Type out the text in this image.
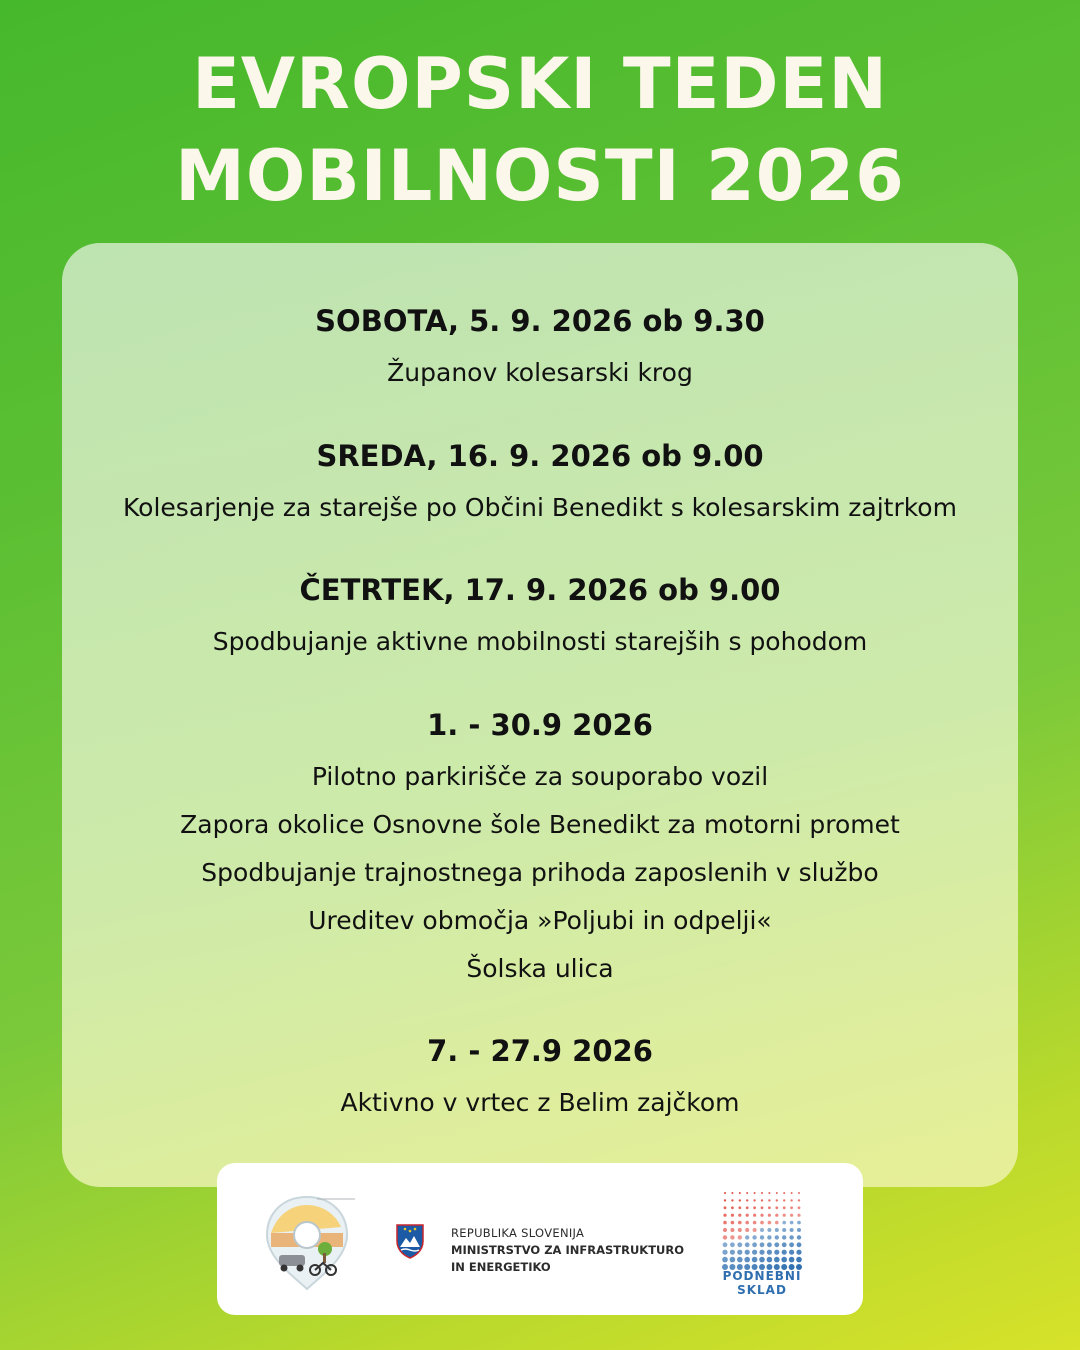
EVROPSKI TEDEN
MOBILNOSTI 2026
SOBOTA, 5. 9. 2026 ob 9.30
Županov kolesarski krog
SREDA, 16. 9. 2026 ob 9.00
Kolesarjenje za starejše po Občini Benedikt s kolesarskim zajtrkom
ČETRTEK, 17. 9. 2026 ob 9.00
Spodbujanje aktivne mobilnosti starejših s pohodom
1. - 30.9 2026
Pilotno parkirišče za souporabo vozil
Zapora okolice Osnovne šole Benedikt za motorni promet
Spodbujanje trajnostnega prihoda zaposlenih v službo
Ureditev območja »Poljubi in odpelji«
Šolska ulica
7. - 27.9 2026
Aktivno v vrtec z Belim zajčkom
REPUBLIKA SLOVENIJA
MINISTRSTVO ZA INFRASTRUKTURO
IN ENERGETIKO
PODNEBNI
SKLAD
